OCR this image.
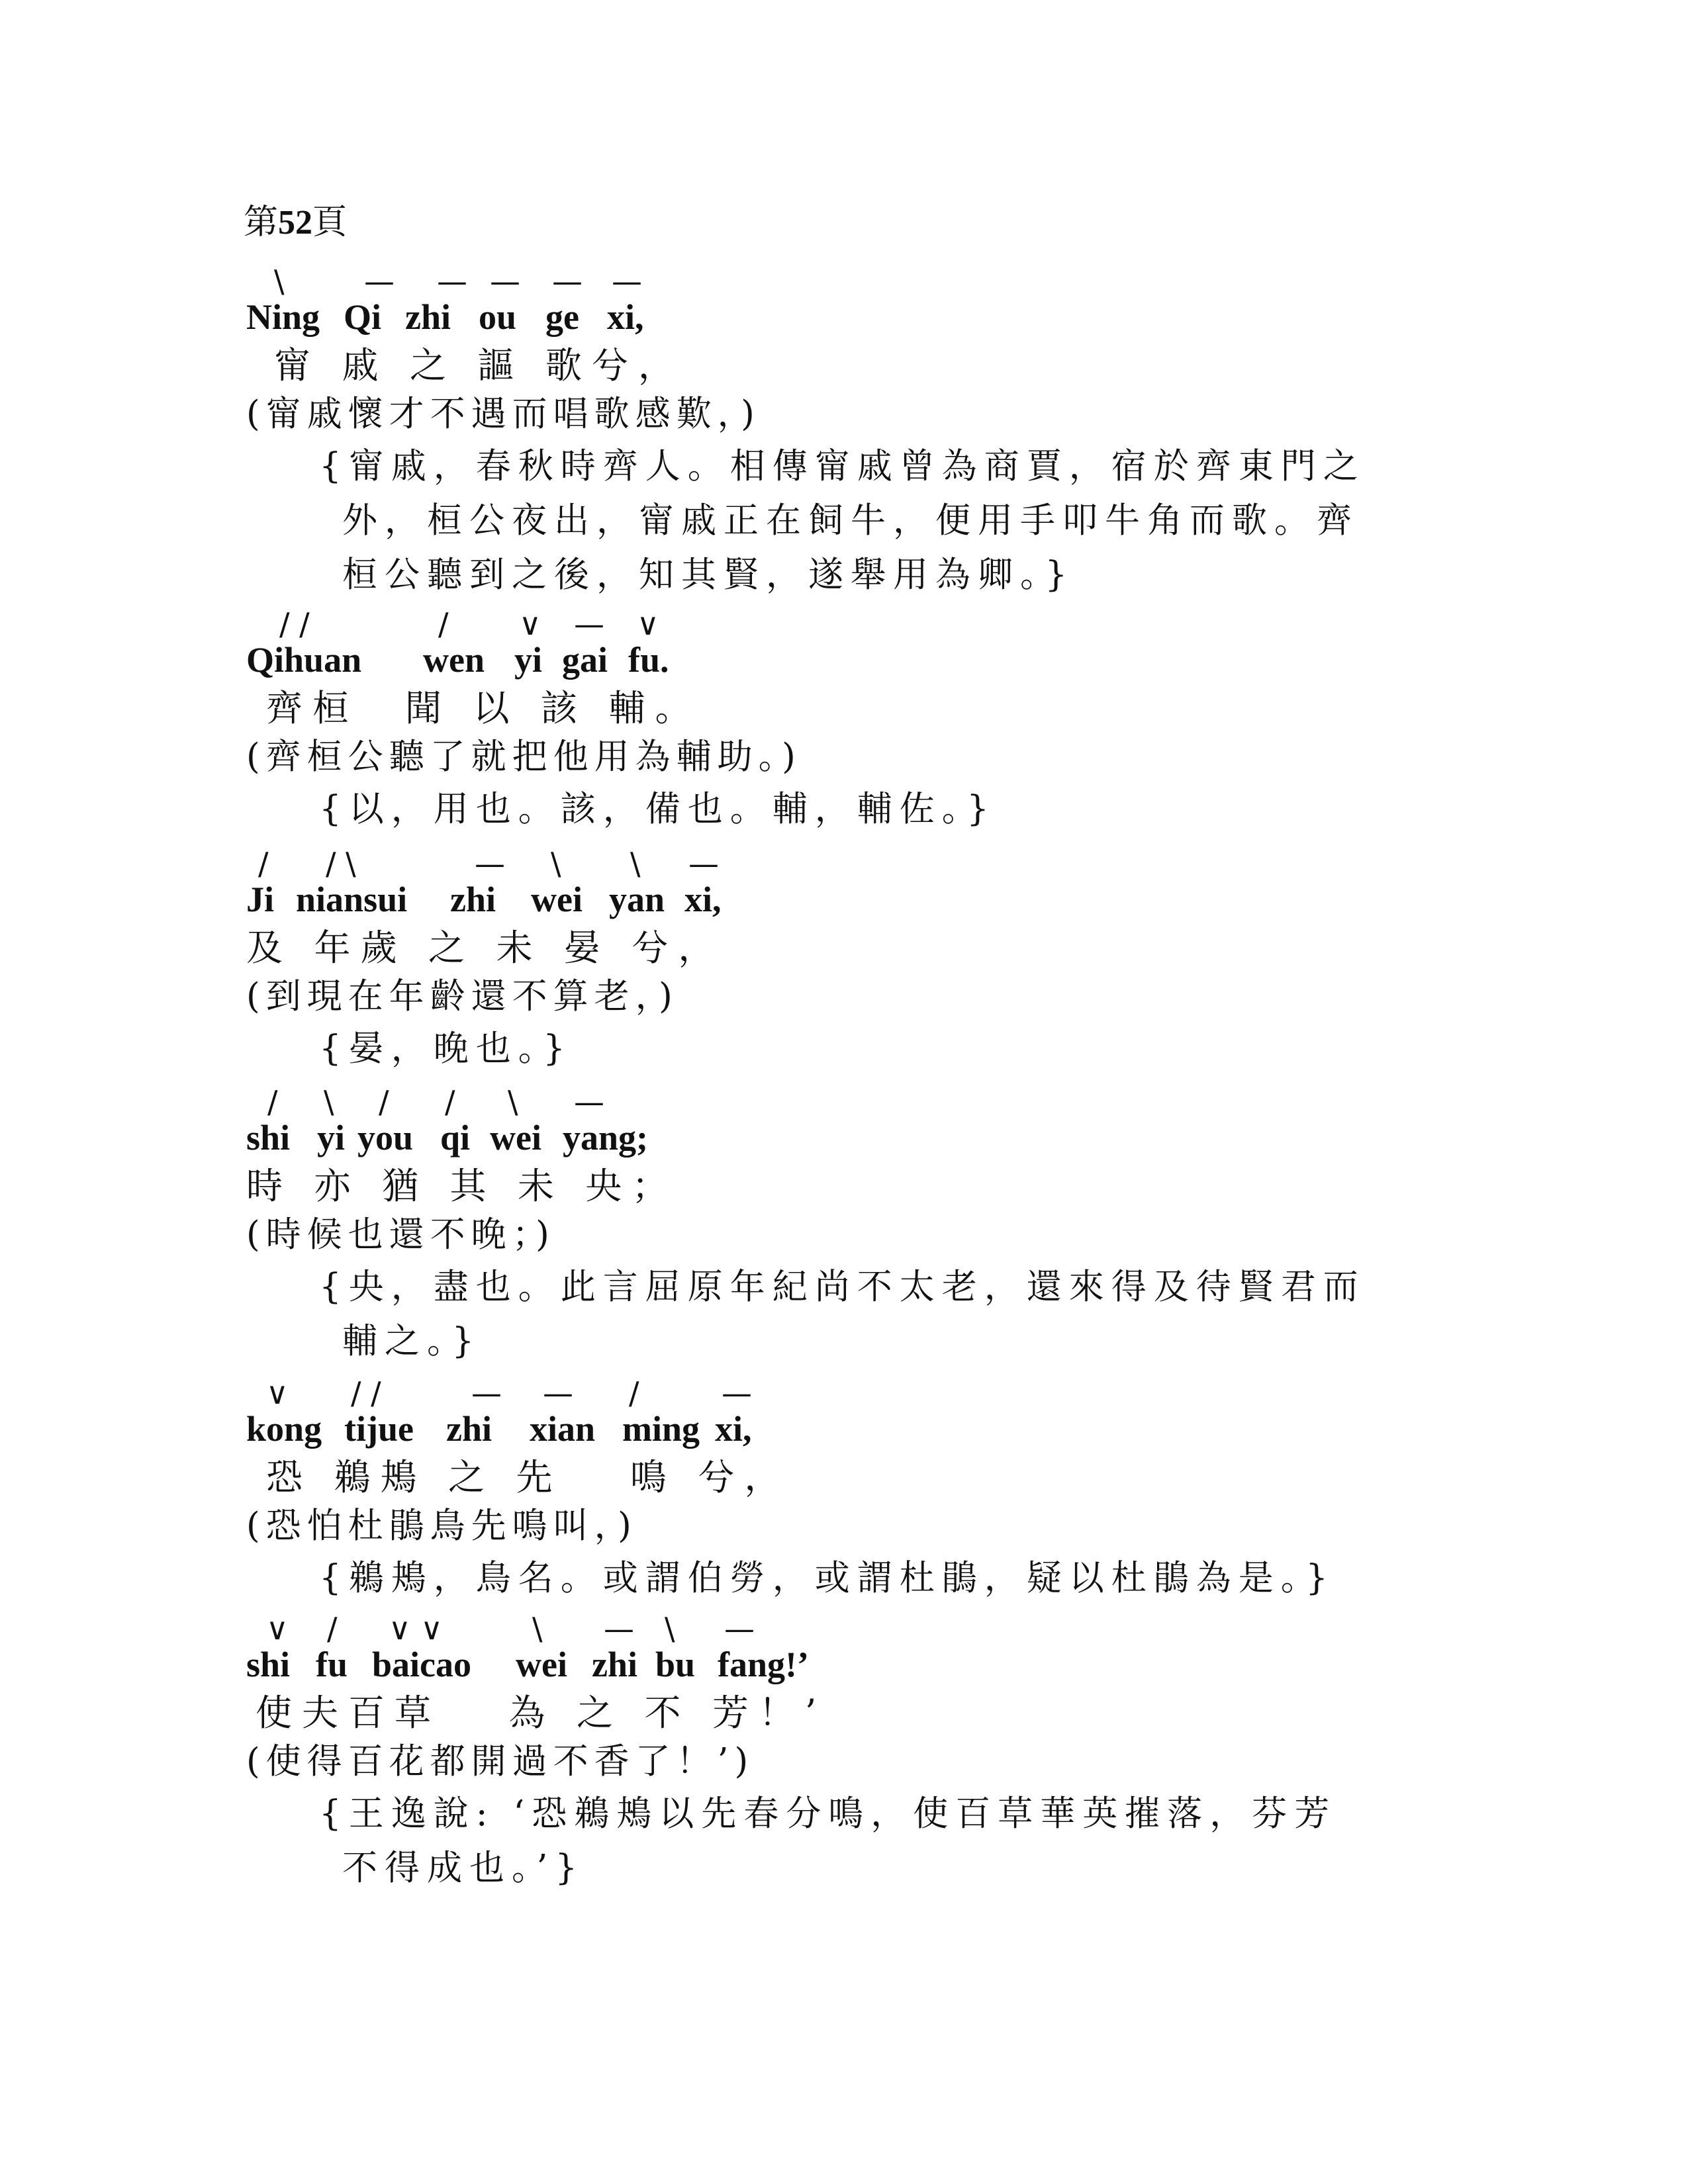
第52頁
Ning
\
Qi
—
zhi
—
ou
—
ge
—
xi,
—
甯 戚 之 謳 歌兮，
(甯戚懷才不遇而唱歌感歎，)
{甯戚，春秋時齊人。相傳甯戚曾為商賈，宿於齊東門之
外，桓公夜出，甯戚正在飼牛，便用手叩牛角而歌。齊
桓公聽到之後，知其賢，遂舉用為卿。}
Qihuan
/ /
wen
/
yi
∨
gai
—
fu.
∨
齊桓　聞 以 該 輔。
(齊桓公聽了就把他用為輔助。)
{以，用也。該，備也。輔，輔佐。}
Ji
/
niansui
/ \
zhi
—
wei
\
yan
\
xi,
—
及 年歲 之 未 晏 兮，
(到現在年齡還不算老，)
{晏，晚也。}
shi
/
yi
\
you
/
qi
/
wei
\
yang;
—
時 亦 猶 其 未 央；
(時候也還不晚；)
{央，盡也。此言屈原年紀尚不太老，還來得及待賢君而
輔之。}
kong
∨
tijue
/ /
zhi
—
xian
—
ming
/
xi,
—
恐 鵜鴂 之 先　 鳴 兮，
(恐怕杜鵑鳥先鳴叫，)
{鵜鴂，鳥名。或謂伯勞，或謂杜鵑，疑以杜鵑為是。}
shi
∨
fu
/
baicao
∨ ∨
wei
\
zhi
—
bu
\
fang!’
—
使夫百草　 為 之 不 芳！’
(使得百花都開過不香了！’)
{王逸說: ‘恐鵜鴂以先春分鳴，使百草華英摧落，芬芳
不得成也。’}
